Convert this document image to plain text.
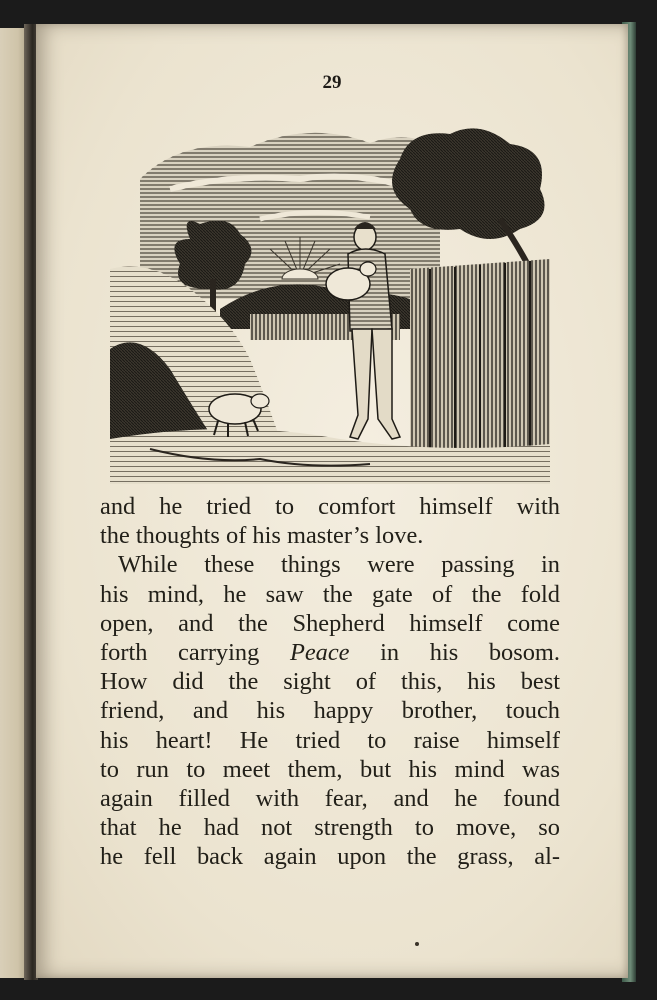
29
and he tried to comfort himself with
the thoughts of his master’s love.
While these things were passing in
his mind, he saw the gate of the fold
open, and the Shepherd himself come
forth carrying Peace in his bosom.
How did the sight of this, his best
friend, and his happy brother, touch
his heart! He tried to raise himself
to run to meet them, but his mind was
again filled with fear, and he found
that he had not strength to move, so
he fell back again upon the grass, al-
